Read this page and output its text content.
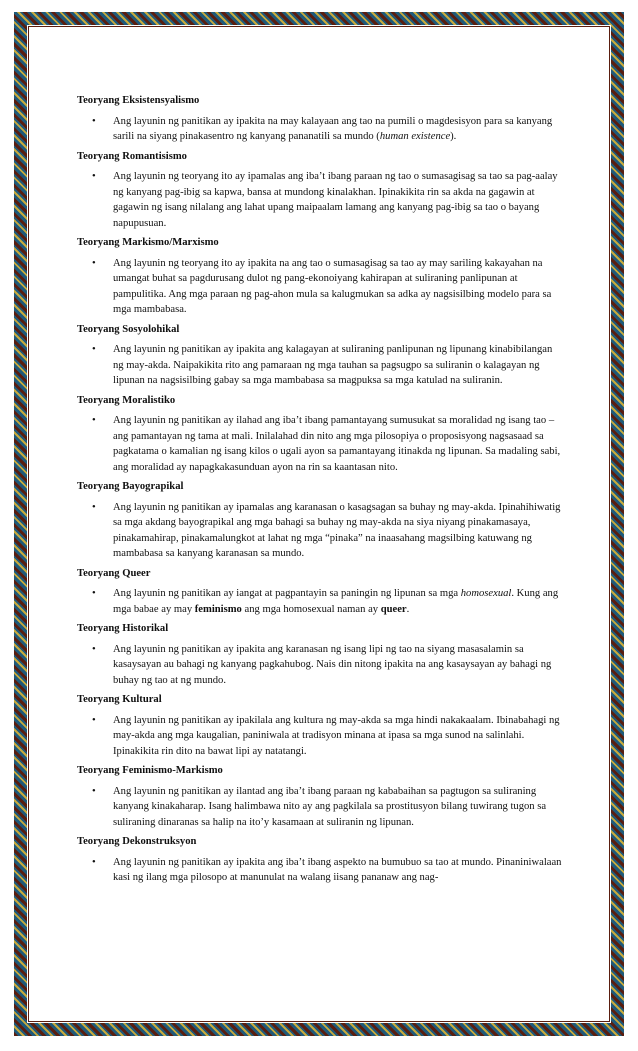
Teoryang Eksistensyalismo
• Ang layunin ng panitikan ay ipakita na may kalayaan ang tao na pumili o magdesisyon para sa kanyang sarili na siyang pinakasentro ng kanyang pananatili sa mundo (human existence).
Teoryang Romantisismo
• Ang layunin ng teoryang ito ay ipamalas ang iba’t ibang paraan ng tao o sumasagisag sa tao sa pag-aalay ng kanyang pag-ibig sa kapwa, bansa at mundong kinalakhan. Ipinakikita rin sa akda na gagawin at gagawin ng isang nilalang ang lahat upang maipaalam lamang ang kanyang pag-ibig sa tao o bayang napupusuan.
Teoryang Markismo/Marxismo
• Ang layunin ng teoryang ito ay ipakita na ang tao o sumasagisag sa tao ay may sariling kakayahan na umangat buhat sa pagdurusang dulot ng pang-ekonoiyang kahirapan at suliraning panlipunan at pampulitika. Ang mga paraan ng pag-ahon mula sa kalugmukan sa adka ay nagsisilbing modelo para sa mga mambabasa.
Teoryang Sosyolohikal
• Ang layunin ng panitikan ay ipakita ang kalagayan at suliraning panlipunan ng lipunang kinabibilangan ng may-akda. Naipakikita rito ang pamaraan ng mga tauhan sa pagsugpo sa suliranin o kalagayan ng lipunan na nagsisilbing gabay sa mga mambabasa sa magpuksa sa mga katulad na suliranin.
Teoryang Moralistiko
• Ang layunin ng panitikan ay ilahad ang iba’t ibang pamantayang sumusukat sa moralidad ng isang tao – ang pamantayan ng tama at mali. Inilalahad din nito ang mga pilosopiya o proposisyong nagsasaad sa pagkatama o kamalian ng isang kilos o ugali ayon sa pamantayang itinakda ng lipunan. Sa madaling sabi, ang moralidad ay napagkakasunduan ayon na rin sa kaantasan nito.
Teoryang Bayograpikal
• Ang layunin ng panitikan ay ipamalas ang karanasan o kasagsagan sa buhay ng may-akda. Ipinahihiwatig sa mga akdang bayograpikal ang mga bahagi sa buhay ng may-akda na siya niyang pinakamasaya, pinakamahirap, pinakamalungkot at lahat ng mga “pinaka” na inaasahang magsilbing katuwang ng mambabasa sa kanyang karanasan sa mundo.
Teoryang Queer
• Ang layunin ng panitikan ay iangat at pagpantayin sa paningin ng lipunan sa mga homosexual. Kung ang mga babae ay may feminismo ang mga homosexual naman ay queer.
Teoryang Historikal
• Ang layunin ng panitikan ay ipakita ang karanasan ng isang lipi ng tao na siyang masasalamin sa kasaysayan au bahagi ng kanyang pagkahubog. Nais din nitong ipakita na ang kasaysayan ay bahagi ng buhay ng tao at ng mundo.
Teoryang Kultural
• Ang layunin ng panitikan ay ipakilala ang kultura ng may-akda sa mga hindi nakakaalam. Ibinabahagi ng may-akda ang mga kaugalian, paniniwala at tradisyon minana at ipasa sa mga sunod na salinlahi. Ipinakikita rin dito na bawat lipi ay natatangi.
Teoryang Feminismo-Markismo
• Ang layunin ng panitikan ay ilantad ang iba’t ibang paraan ng kababaihan sa pagtugon sa suliraning kanyang kinakaharap. Isang halimbawa nito ay ang pagkilala sa prostitusyon bilang tuwirang tugon sa suliraning dinaranas sa halip na ito’y kasamaan at suliranin ng lipunan.
Teoryang Dekonstruksyon
• Ang layunin ng panitikan ay ipakita ang iba’t ibang aspekto na bumubuo sa tao at mundo. Pinaniniwalaan kasi ng ilang mga pilosopo at manunulat na walang iisang pananaw ang nag-
